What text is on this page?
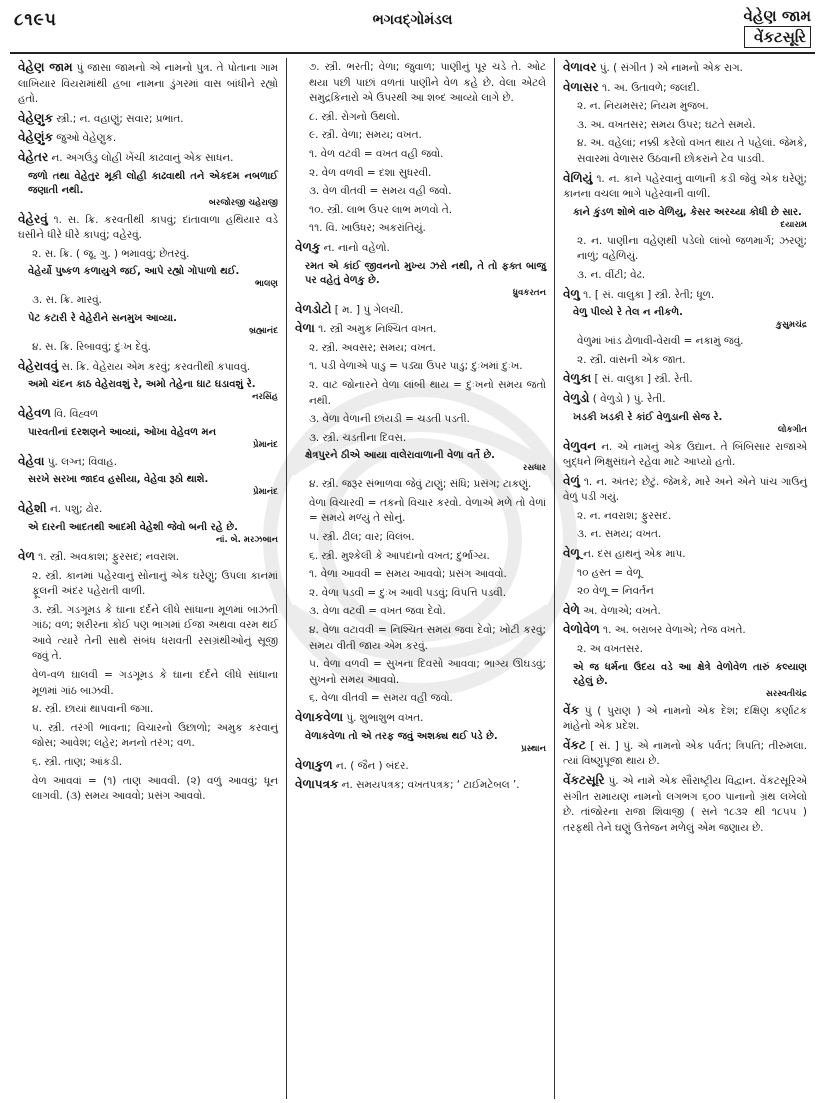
૮૧૯૫	ભગવદ્ગોમંડલ	વેહેણ જામ
વેંકટસૂરિ
વેહેણ જામ પું જાસા જામનો એ નામનો પુત્ર. તે પોતાના ગામ લાખિયાર વિયરામાંથી હબા નામના ડુંગરમાં વાસ બાંધીને રહ્યો હતો.
વેહેણુક સ્ત્રી.; ન. વહાણું; સવાર; પ્રભાત.
વેહેણુંક જુઓ વેહેણુક.
વેહેતર ન. અગઉંડુ લોહી ખેંચી કાઢવાનું એક સાધન.
જળો તથા વેહેતુર મૂકી લોહી કાઢવાથી તને એકદમ નબળાઈ જણાતી નથી.
બરજોરજી ચહેરાજી
વેહેરવું ૧. સ. ક્રિ. કરવતીથી કાપવું; દાંતાવાળા હથિયાર વડે ઘસીને ધીરે ધીરે કાપવું; વહેરવું.
૨. સ. ક્રિ. ( જૂ. ગુ. ) ભમાવવું; છેતરવું.
વેહેર્યો પુષ્કળ કળાયુગે જઈ, આપે રહ્યો ગોપાળો થઈ.
ભાલણ
૩. સ. ક્રિ. મારવું.
પેટ કટારી રે વેહેરીને સનમુખ આવ્યા.
બ્રહ્માનંદ
૪. સ. ક્રિ. રિબાવવું; દુઃખ દેવું.
વેહેરાવવું સ. ક્રિ. વેહેરાય એમ કરવું; કરવતીથી કપાવવું.
અમો ચંદન કાઠ વેહેરાવશું રે, અમો તેહેના ઘાટ ઘડાવશું રે.
નરસિંહ
વેહેવળ વિ. વિહ્વળ
પારવતીનાં દરશણને આવ્યાં, ઓખા વેહેવળ મન
પ્રેમાનંદ
વેહેવા પું. લગ્ન; વિવાહ.
સરખે સરખા જાદવ હસીયા, વેહેવા રૂઠો થાશે.
પ્રેમાનંદ
વેહેશી ન. પશુ; ઢોર.
એ દારની આદતથી આદમી વેહેશી જેવો બની રહે છે.
નાં. બે. મરઝબાન
વેળ ૧. સ્ત્રી. અવકાશ; ફુરસદ; નવરાશ.
૨. સ્ત્રી. કાનમાં પહેરવાનું સોનાનું એક ઘરેણું; ઉપલા કાનમાં ફૂલની અંદર પહેરાતી વાળી.
૩. સ્ત્રી. ગડગૂમડ કે ઘાના દર્દને લીધે સાંધાના મૂળમાં બાઝતી ગાંઠ; વળ; શરીરના કોઈ પણ ભાગમાં ઈજા અથવા વરમ થઈ આવે ત્યારે તેની સાથે સંબંધ ધરાવતી રસગ્રંથીઓનું સૂજી જવું તે.
વેળ-વળ ઘાલવી = ગડગૂમડ કે ઘાના દર્દને લીધે સાંધાના મૂળમાં ગાંઠ બાઝવી.
૪. સ્ત્રી. છાયાં થાપવાની જગા.
૫. સ્ત્રી. તરંગી ભાવના; વિચારનો ઉછાળો; અમુક કરવાનું જોસ; આવેશ; લહેર; મનનો તરંગ; વળ.
૬. સ્ત્રી. તાણ; આંકડી.
વેળ આવવાં = (૧) તાણ આવવી. (૨) વળું આવવું; ધૂન લાગવી. (૩) સમય આવવો; પ્રસંગ આવવો.
૭. સ્ત્રી. ભરતી; વેળા; જુવાળ; પાણીનું પૂર ચડે તે. ઓટ થયા પછી પાછાં વળતાં પાણીને વેળ કહે છે. વેલા એટલે સમુદ્રકિનારો એ ઉપરથી આ શબ્દ આવ્યો લાગે છે.
૮. સ્ત્રી. રોગનો ઉથલો.
૯. સ્ત્રી. વેળા; સમય; વખત.
૧. વેળ વટવી = વખત વહી જવો.
૨. વેળ વળવી = દશા સુધરવી.
૩. વેળ વીતવી = સમય વહી જવો.
૧૦. સ્ત્રી. લાભ ઉપર લાભ મળવો તે.
૧૧. વિ. ખાઉધર; અકરાંતિયું.
વેળકુ ન. નાનો વહેળો.
રમત એ કાંઈ જીવનનો મુખ્ય ઝરો નથી, તે તો ફક્ત બાજુ પર વહેતું વેળકુ છે.
ધ્રુવકરતન
વેળડોટો [ મ. ] પું ગેલચી.
વેળા ૧. સ્ત્રી અમુક નિશ્ચિત વખત.
૨. સ્ત્રી. અવસર; સમય; વખત.
૧. પડી વેળાએ પાડુ = પડ્યા ઉપર પાડુ; દુઃખમાં દુઃખ.
૨. વાટ જોનારને વેળા લાંબી થાય = દુઃખનો સમય જતો નથી.
૩. વેળા વેળાની છાંયડી = ચડતી પડતી.
૩. સ્ત્રી. ચડતીના દિવસ.
ક્ષેત્રપુરને ઠીએ આયા વાલેરાવાળાની વેળા વર્તે છે.
રસધાર
૪. સ્ત્રી. જરૂર સંભાળવા જેવું ટાણું; સંધિ; પ્રસંગ; ટાકણું.
વેળા વિચારવી = તકનો વિચાર કરવો. વેળાએ મળે તો વેળાં = સમયે મળ્યું તે સોનું.
૫. સ્ત્રી. ઢીલ; વાર; વિલંબ.
૬. સ્ત્રી. મુશ્કેલી કે આપદાનો વખત; દુર્ભાગ્ય.
૧. વેળા આવવી = સમય આવવો; પ્રસંગ આવવો.
૨. વેળા પડવી = દુઃખ આવી પડવું; વિપત્તિ પડવી.
૩. વેળા વટવી = વખત જવા દેવો.
૪. વેળા વટાવવી = નિશ્ચિત સમય જવા દેવો; ખોટી કરવું; સમય વીતી જાય એમ કરવું.
૫. વેળા વળવી = સુખના દિવસો આવવા; ભાગ્ય ઊઘડવું; સુખનો સમય આવવો.
૬. વેળા વીતવી = સમય વહી જવો.
વેળાકવેળા પું. શુભાશુભ વખત.
વેળાકવેળા તો એ તરફ જવું અશક્ય થઈ પડે છે.
પ્રસ્થાન
વેળાકુળ ન. ( જૈન ) બંદર.
વેળાપત્રક ન. સમયપત્રક; વખતપત્રક; ‘ ટાઈમટેબલ ’.
વેળાવર પું. ( સંગીત ) એ નામનો એક રાગ.
વેળાસર ૧. અ. ઉતાવળે; જલદી.
૨. ન. નિયમસર; નિયમ મુજબ.
૩. અ. વખતસર; સમય ઉપર; ઘટતે સમયે.
૪. અ. વહેલાં; નક્કી કરેલો વખત થાય તે પહેલાં. જેમકે, સવારમાં વેળાસર ઉઠવાની છોકરાંને ટેવ પાડવી.
વેળિયું ૧. ન. કાને પહેરવાનું વાળાની કડી જેવું એક ઘરેણું; કાનના વચલા ભાગે પહેરવાની વાળી.
કાને કુંડળ શોભે વારુ વેળિયુ, કેસર અરચ્યા કોધી છે સાર.
દયારામ
૨. ન. પાણીના વહેણથી પડેલો લાંબો જળમાર્ગ; ઝરણું; નાળું; વહેળિયું.
૩. ન. વીંટી; વેઢ.
વેળુ ૧. [ સં. વાલુકા ] સ્ત્રી. રેતી; ધૂળ.
વેળુ પીલ્યે રે તેલ ન નીકળે.
કુસુમચંદ્ર
વેળુમાં ખાંડ ઢોળાવી-વેરાવી = નકામું જવું.
૨. સ્ત્રી. વાંસની એક જાત.
વેળુકા [ સં. વાલુકા ] સ્ત્રી. રેતી.
વેળુડો ( વેળુડો ) પું. રેતી.
ખડકી ખડકી રે કાંઈ વેળુડાની સેજ રે.
લોકગીત
વેળુવન ન. એ નામનું એક ઉદ્યાન. તે બિંબિસાર રાજાએ બુદ્ધને ભિક્ષુસંઘને રહેવા માટે આપ્યો હતો.
વેળું ૧. ન. અંતર; છેટું. જેમકે, મારે અને એને પાંચ ગાઉનું વેળું પડી ગયું.
૨. ન. નવરાશ; ફુરસદ.
૩. ન. સમય; વખત.
વેળૂ ન. દસ હાથનું એક માપ.
૧૦ હસ્ત = વેળૂ
૨૦ વેળૂ = નિવર્તન
વેળે અ. વેળાએ; વખતે.
વેળોવેળ ૧. અ. બરાબર વેળાએ; તેજ વખતે.
૨. અ વખતસર.
એ જ ધર્મના ઉદય વડે આ ક્ષેત્રે વેળોવેળ તારું કલ્યાણ રહેલું છે.
સરસ્વતીચંદ્ર
વેંક પું ( પુરાણ ) એ નામનો એક દેશ; દક્ષિણ કર્ણાટક માંહેનો એક પ્રદેશ.
વેંકટ [ સં. ] પું. એ નામનો એક પર્વત; ત્રિપતિ; તીરુમલા. ત્યાં વિષ્ણુપૂજા થાય છે.
વેંકટસૂરિ પું. એ નામે એક સૌરાષ્ટ્રીય વિદ્વાન. વેંકટસૂરિએ સંગીત રામાયણ નામનો લગભગ ૬૦૦ પાનાનો ગ્રંથ લખેલો છે. તાંજોરના રાજા શિવાજી ( સને ૧૮૩૨ થી ૧૮૫૫ ) તરફથી તેને ઘણું ઉત્તેજન મળેલું એમ જણાય છે.
